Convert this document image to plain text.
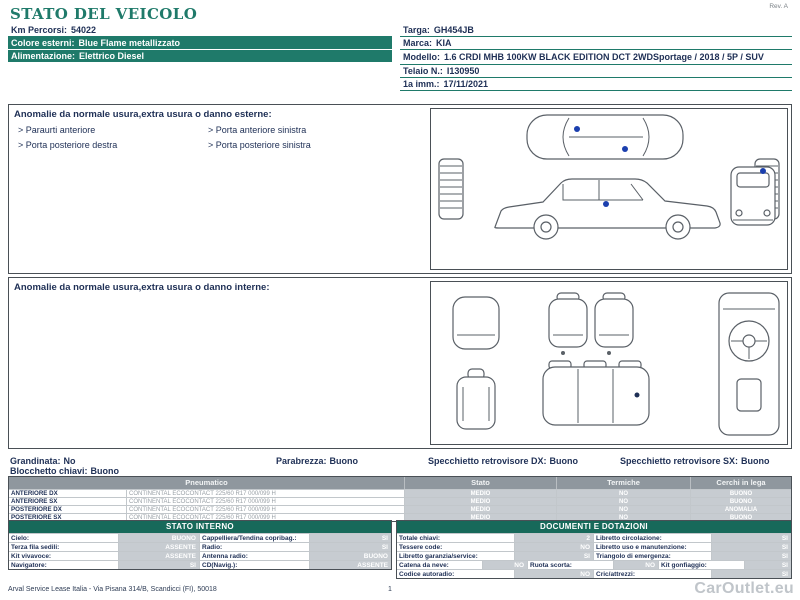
STATO DEL VEICOLO	Rev. A
Km Percorsi: 54022
Colore esterni: Blue Flame metallizzato
Alimentazione: Elettrico Diesel
Targa: GH454JB
Marca: KIA
Modello: 1.6 CRDI MHB 100KW BLACK EDITION DCT 2WDSportage / 2018 / 5P / SUV
Telaio N.: I130950
1a imm.: 17/11/2021
Anomalie da normale usura,extra usura o danno esterne:
> Paraurti anteriore	> Porta anteriore sinistra
> Porta posteriore destra	> Porta posteriore sinistra
Anomalie da normale usura,extra usura o danno interne:
Grandinata: No
Blocchetto chiavi: Buono
Parabrezza: Buono	Specchietto retrovisore DX: Buono	Specchietto retrovisore SX: Buono
Pneumatico	Stato	Termiche	Cerchi in lega
ANTERIORE DX	CONTINENTAL ECOCONTACT 225/60 R17 000/099 H	MEDIO	NO	BUONO
ANTERIORE SX	CONTINENTAL ECOCONTACT 225/60 R17 000/099 H	MEDIO	NO	BUONO
POSTERIORE DX	CONTINENTAL ECOCONTACT 225/60 R17 000/099 H	MEDIO	NO	ANOMALIA
POSTERIORE SX	CONTINENTAL ECOCONTACT 225/60 R17 000/099 H	MEDIO	NO	BUONO
STATO INTERNO
Cielo:	BUONO Cappelliera/Tendina copribag.:	SI
Terza fila sedili:	ASSENTE Radio:	SI
Kit vivavoce:	ASSENTE Antenna radio:	BUONO
Navigatore:	SI CD(Navig.):	ASSENTE
DOCUMENTI E DOTAZIONI
Totale chiavi:	2 Libretto circolazione:	SI
Tessere code:	NO Libretto uso e manutenzione:	SI
Libretto garanzia/service:	SI Triangolo di emergenza:	SI
Catena da neve:	NO Ruota scorta:	NO Kit gonfiaggio:	SI
Codice autoradio:	NO Cric/attrezzi:	SI
Arval Service Lease Italia - Via Pisana 314/B, Scandicci (FI), 50018	1	CarOutlet.eu
